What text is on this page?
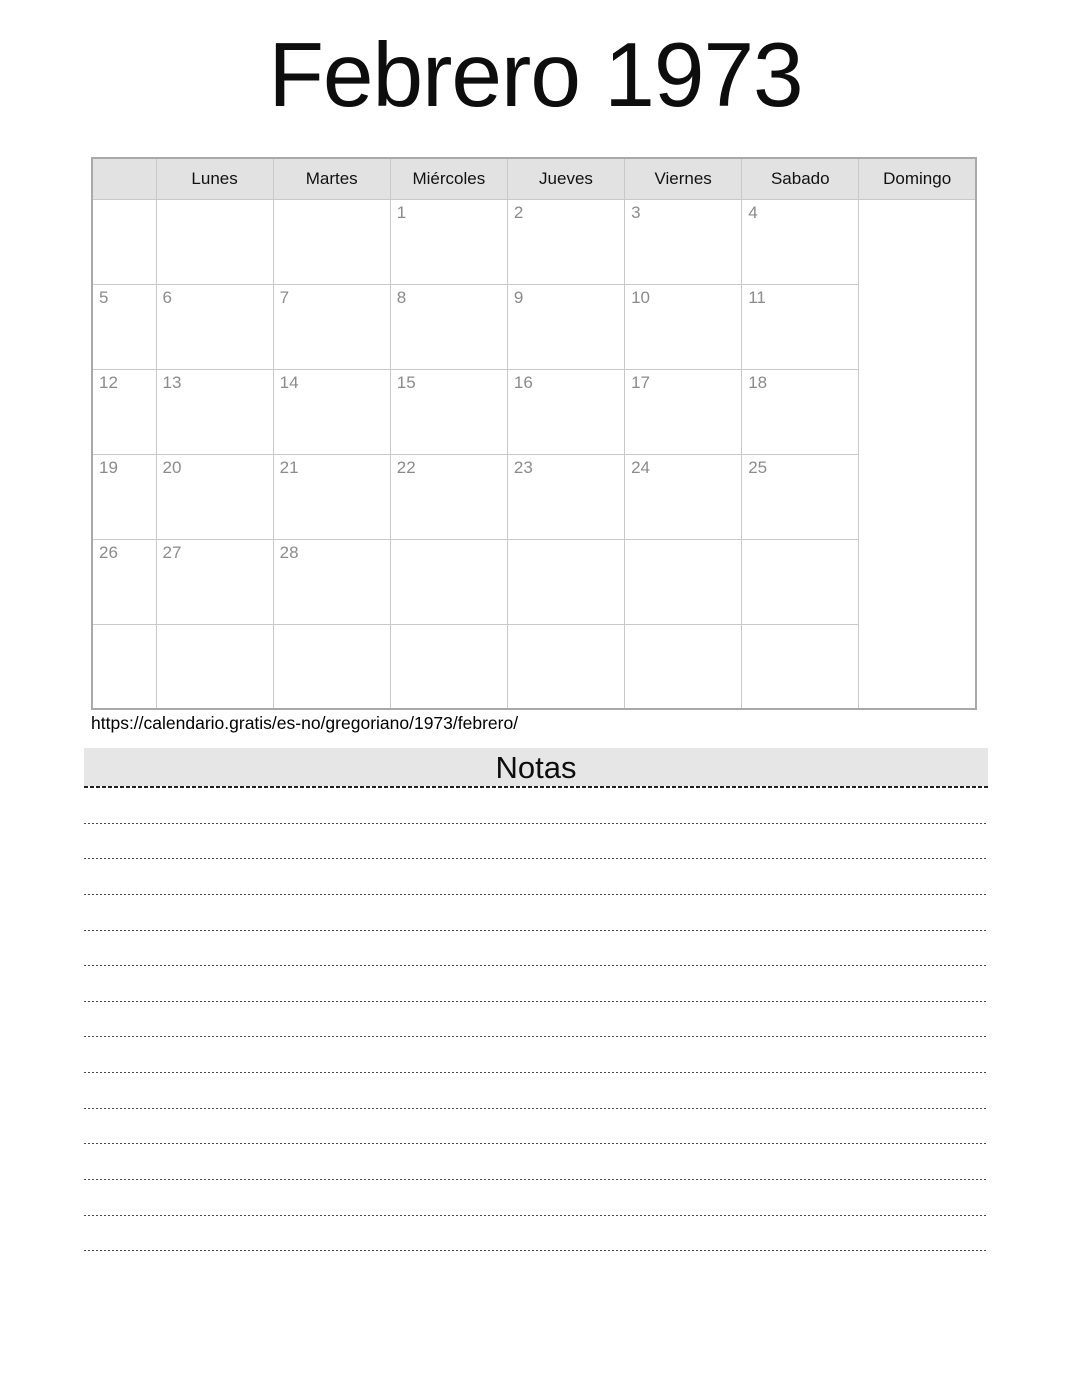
Febrero 1973
	Lunes	Martes	Miércoles	Jueves	Viernes	Sabado	Domingo
			1	2	3	4	
5	6	7	8	9	10	11	
12	13	14	15	16	17	18	
19	20	21	22	23	24	25	
26	27	28					

https://calendario.gratis/es-no/gregoriano/1973/febrero/
Notas
